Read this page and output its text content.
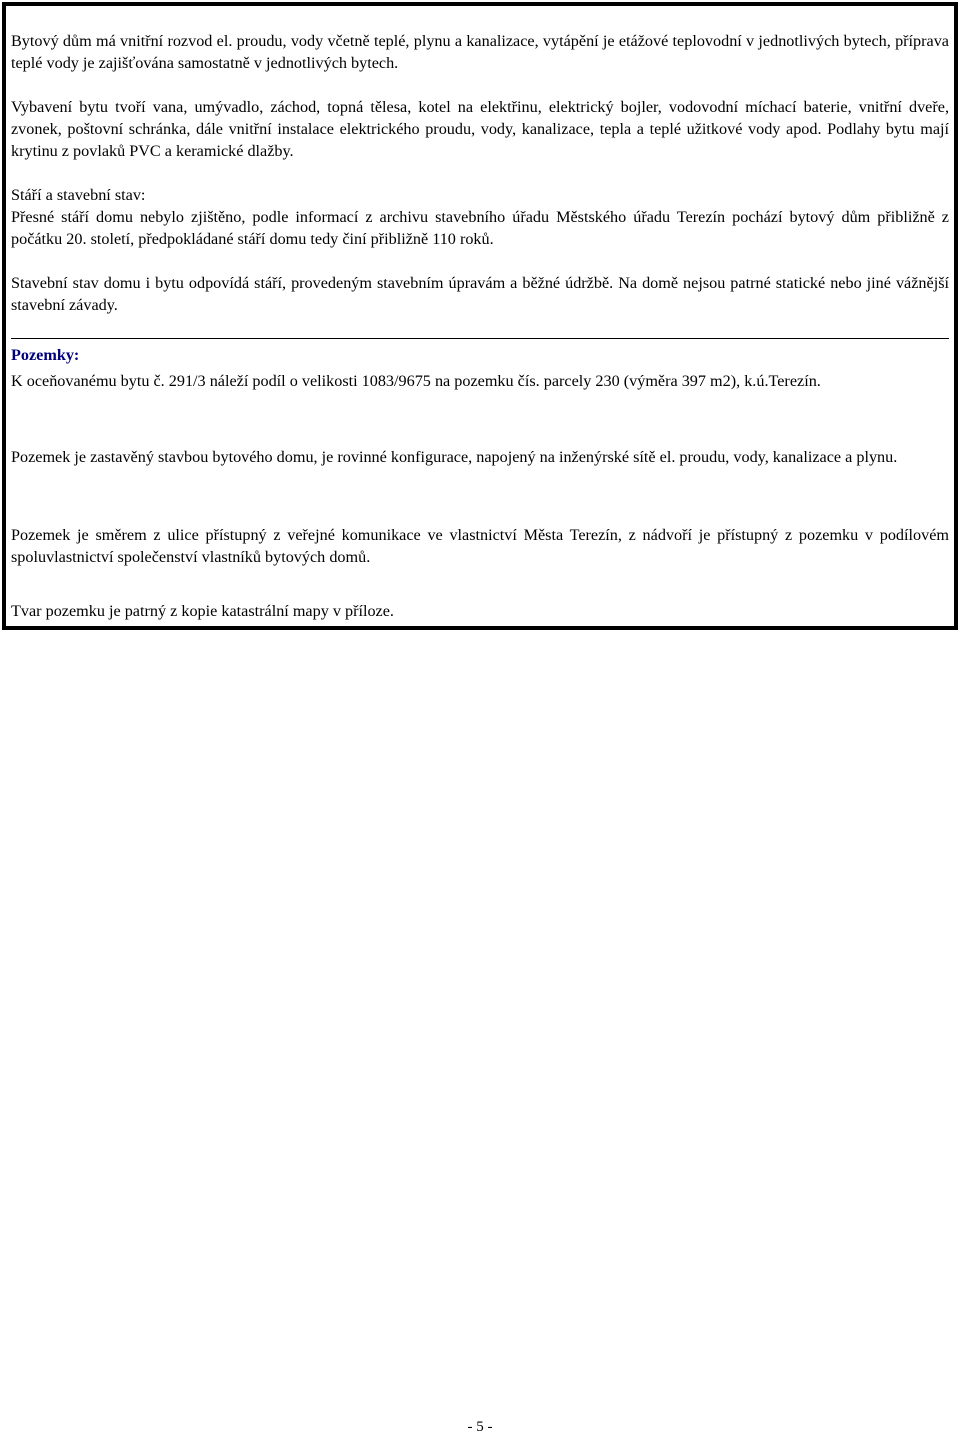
Bytový dům má vnitřní rozvod el. proudu, vody včetně teplé, plynu a kanalizace, vytápění je etážové teplovodní v jednotlivých bytech, příprava teplé vody je zajišťována samostatně v jednotlivých bytech.

Vybavení bytu tvoří vana, umývadlo, záchod, topná tělesa, kotel na elektřinu, elektrický bojler, vodovodní míchací baterie, vnitřní dveře, zvonek, poštovní schránka, dále vnitřní instalace elektrického proudu, vody, kanalizace, tepla a teplé užitkové vody apod. Podlahy bytu mají krytinu z povlaků PVC a keramické dlažby.

Stáří a stavební stav:

Přesné stáří domu nebylo zjištěno, podle informací z archivu stavebního úřadu Městského úřadu Terezín pochází bytový dům přibližně z počátku 20. století, předpokládané stáří domu tedy činí přibližně 110 roků.

Stavební stav domu i bytu odpovídá stáří, provedeným stavebním úpravám a běžné údržbě. Na domě nejsou patrné statické nebo jiné vážnější stavební závady.

Pozemky:

K oceňovanému bytu č. 291/3 náleží podíl o velikosti 1083/9675 na pozemku čís. parcely 230 (výměra 397 m2), k.ú.Terezín.

Pozemek je zastavěný stavbou bytového domu, je rovinné konfigurace, napojený na inženýrské sítě el. proudu, vody, kanalizace a plynu.

Pozemek je směrem z ulice přístupný z veřejné komunikace ve vlastnictví Města Terezín, z nádvoří je přístupný z pozemku v podílovém spoluvlastnictví společenství vlastníků bytových domů.

Tvar pozemku je patrný z kopie katastrální mapy v příloze.

- 5 -
